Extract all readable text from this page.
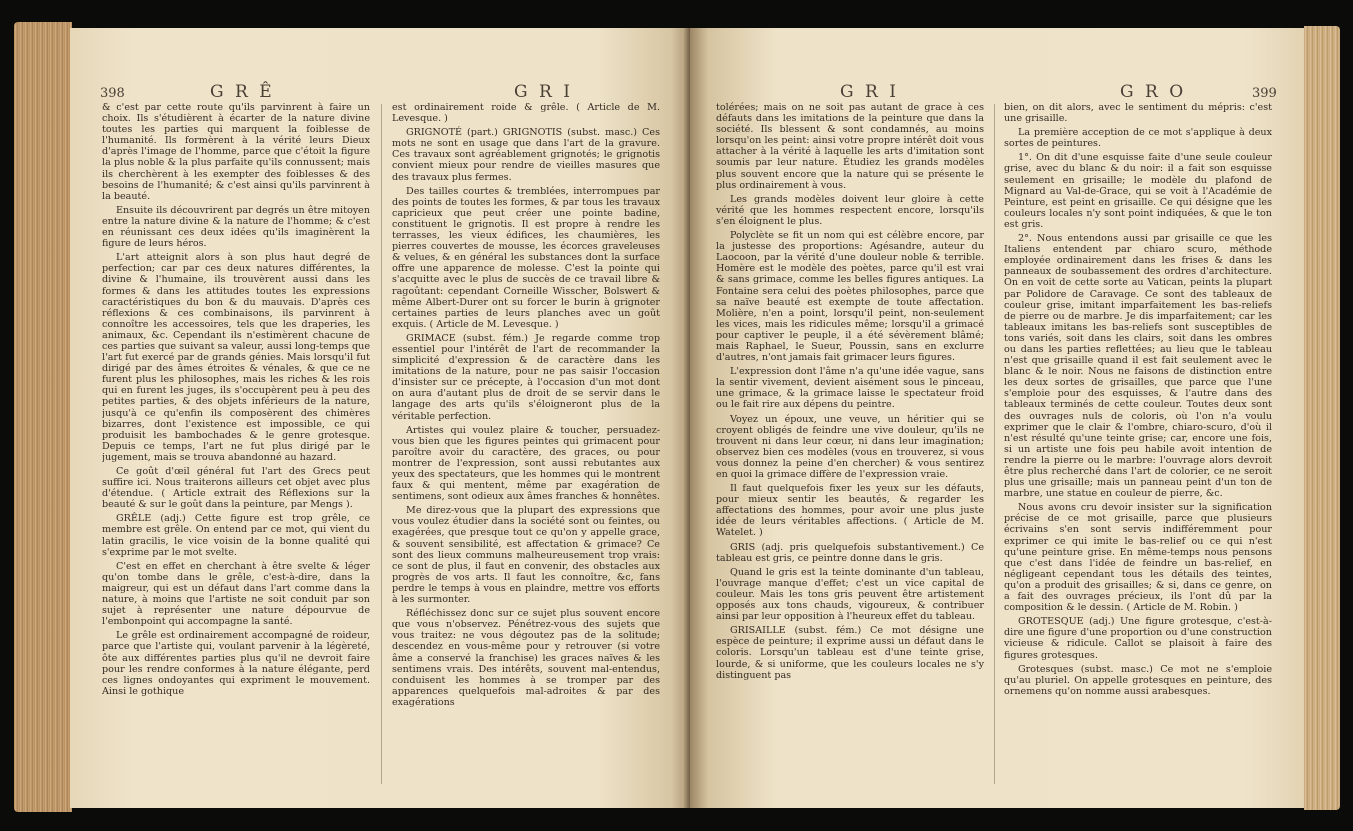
398	G R Ê	G R I

& c'est par cette route qu'ils parvinrent à faire un choix. Ils s'étudièrent à écarter de la nature divine toutes les parties qui marquent la foiblesse de l'humanité. Ils formèrent à la vérité leurs Dieux d'après l'image de l'homme, parce que c'étoit la figure la plus noble & la plus parfaite qu'ils connussent; mais ils cherchèrent à les exempter des foiblesses & des besoins de l'humanité; & c'est ainsi qu'ils parvinrent à la beauté.

Ensuite ils découvrirent par degrés un être mitoyen entre la nature divine & la nature de l'homme; & c'est en réunissant ces deux idées qu'ils imaginèrent la figure de leurs héros.

L'art atteignit alors à son plus haut degré de perfection; car par ces deux natures différentes, la divine & l'humaine, ils trouvèrent aussi dans les formes & dans les attitudes toutes les expressions caractéristiques du bon & du mauvais. D'après ces réflexions & ces combinaisons, ils parvinrent à connoître les accessoires, tels que les draperies, les animaux, &c. Cependant ils n'estimèrent chacune de ces parties que suivant sa valeur, aussi long-temps que l'art fut exercé par de grands génies. Mais lorsqu'il fut dirigé par des âmes étroites & vénales, & que ce ne furent plus les philosophes, mais les riches & les rois qui en furent les juges, ils s'occupèrent peu à peu des petites parties, & des objets inférieurs de la nature, jusqu'à ce qu'enfin ils composèrent des chimères bizarres, dont l'existence est impossible, ce qui produisit les bambochades & le genre grotesque. Depuis ce temps, l'art ne fut plus dirigé par le jugement, mais se trouva abandonné au hazard.

Ce goût d'œil général fut l'art des Grecs peut suffire ici. Nous traiterons ailleurs cet objet avec plus d'étendue. ( Article extrait des Réflexions sur la beauté & sur le goût dans la peinture, par Mengs ).

GRÊLE (adj.) Cette figure est trop grêle, ce membre est grêle. On entend par ce mot, qui vient du latin gracilis, le vice voisin de la bonne qualité qui s'exprime par le mot svelte.

C'est en effet en cherchant à être svelte & léger qu'on tombe dans le grêle, c'est-à-dire, dans la maigreur, qui est un défaut dans l'art comme dans la nature, à moins que l'artiste ne soit conduit par son sujet à représenter une nature dépourvue de l'embonpoint qui accompagne la santé.

Le grêle est ordinairement accompagné de roideur, parce que l'artiste qui, voulant parvenir à la légèreté, ôte aux différentes parties plus qu'il ne devroit faire pour les rendre conformes à la nature élégante, perd ces lignes ondoyantes qui expriment le mouvement. Ainsi le gothique

est ordinairement roide & grêle. ( Article de M. Levesque. )

GRIGNOTÉ (part.) GRIGNOTIS (subst. masc.) Ces mots ne sont en usage que dans l'art de la gravure. Ces travaux sont agréablement grignotés; le grignotis convient mieux pour rendre de vieilles masures que des travaux plus fermes.

Des tailles courtes & tremblées, interrompues par des points de toutes les formes, & par tous les travaux capricieux que peut créer une pointe badine, constituent le grignotis. Il est propre à rendre les terrasses, les vieux édifices, les chaumières, les pierres couvertes de mousse, les écorces graveleuses & velues, & en général les substances dont la surface offre une apparence de molesse. C'est la pointe qui s'acquitte avec le plus de succès de ce travail libre & ragoûtant: cependant Corneille Wisscher, Bolswert & même Albert-Durer ont su forcer le burin à grignoter certaines parties de leurs planches avec un goût exquis. ( Article de M. Levesque. )

GRIMACE (subst. fém.) Je regarde comme trop essentiel pour l'intérêt de l'art de recommander la simplicité d'expression & de caractère dans les imitations de la nature, pour ne pas saisir l'occasion d'insister sur ce précepte, à l'occasion d'un mot dont on aura d'autant plus de droit de se servir dans le langage des arts qu'ils s'éloigneront plus de la véritable perfection.

Artistes qui voulez plaire & toucher, persuadez-vous bien que les figures peintes qui grimacent pour paroître avoir du caractère, des graces, ou pour montrer de l'expression, sont aussi rebutantes aux yeux des spectateurs, que les hommes qui le montrent faux & qui mentent, même par exagération de sentimens, sont odieux aux âmes franches & honnêtes.

Me direz-vous que la plupart des expressions que vous voulez étudier dans la société sont ou feintes, ou exagérées, que presque tout ce qu'on y appelle grace, & souvent sensibilité, est affectation & grimace? Ce sont des lieux communs malheureusement trop vrais: ce sont de plus, il faut en convenir, des obstacles aux progrès de vos arts. Il faut les connoître, &c, fans perdre le temps à vous en plaindre, mettre vos efforts à les surmonter.

Réfléchissez donc sur ce sujet plus souvent encore que vous n'observez. Pénétrez-vous des sujets que vous traitez: ne vous dégoutez pas de la solitude; descendez en vous-même pour y retrouver (si votre âme a conservé la franchise) les graces naïves & les sentimens vrais. Des intérêts, souvent mal-entendus, conduisent les hommes à se tromper par des apparences quelquefois mal-adroites & par des exagérations

G R I	G R O	399

tolérées; mais on ne soit pas autant de grace à ces défauts dans les imitations de la peinture que dans la société. Ils blessent & sont condamnés, au moins lorsqu'on les peint: ainsi votre propre intérêt doit vous attacher à la vérité à laquelle les arts d'imitation sont soumis par leur nature. Étudiez les grands modèles plus souvent encore que la nature qui se présente le plus ordinairement à vous.

Les grands modèles doivent leur gloire à cette vérité que les hommes respectent encore, lorsqu'ils s'en éloignent le plus.

Polyclète se fit un nom qui est célèbre encore, par la justesse des proportions: Agésandre, auteur du Laocoon, par la vérité d'une douleur noble & terrible. Homère est le modèle des poètes, parce qu'il est vrai & sans grimace, comme les belles figures antiques. La Fontaine sera celui des poètes philosophes, parce que sa naïve beauté est exempte de toute affectation. Molière, n'en a point, lorsqu'il peint, non-seulement les vices, mais les ridicules même; lorsqu'il a grimacé pour captiver le peuple, il a été sévèrement blâmé; mais Raphael, le Sueur, Poussin, sans en exclurre d'autres, n'ont jamais fait grimacer leurs figures.

L'expression dont l'âme n'a qu'une idée vague, sans la sentir vivement, devient aisément sous le pinceau, une grimace, & la grimace laisse le spectateur froid ou le fait rire aux dépens du peintre.

Voyez un époux, une veuve, un héritier qui se croyent obligés de feindre une vive douleur, qu'ils ne trouvent ni dans leur cœur, ni dans leur imagination; observez bien ces modèles (vous en trouverez, si vous vous donnez la peine d'en chercher) & vous sentirez en quoi la grimace diffère de l'expression vraie.

Il faut quelquefois fixer les yeux sur les défauts, pour mieux sentir les beautés, & regarder les affectations des hommes, pour avoir une plus juste idée de leurs véritables affections. ( Article de M. Watelet. )

GRIS (adj. pris quelquefois substantivement.) Ce tableau est gris, ce peintre donne dans le gris.

Quand le gris est la teinte dominante d'un tableau, l'ouvrage manque d'effet; c'est un vice capital de couleur. Mais les tons gris peuvent être artistement opposés aux tons chauds, vigoureux, & contribuer ainsi par leur opposition à l'heureux effet du tableau.

GRISAILLE (subst. fém.) Ce mot désigne une espèce de peinture; il exprime aussi un défaut dans le coloris. Lorsqu'un tableau est d'une teinte grise, lourde, & si uniforme, que les couleurs locales ne s'y distinguent pas

bien, on dit alors, avec le sentiment du mépris: c'est une grisaille.

La première acception de ce mot s'applique à deux sortes de peintures.

1°. On dit d'une esquisse faite d'une seule couleur grise, avec du blanc & du noir: il a fait son esquisse seulement en grisaille; le modèle du plafond de Mignard au Val-de-Grace, qui se voit à l'Académie de Peinture, est peint en grisaille. Ce qui désigne que les couleurs locales n'y sont point indiquées, & que le ton est gris.

2°. Nous entendons aussi par grisaille ce que les Italiens entendent par chiaro scuro, méthode employée ordinairement dans les frises & dans les panneaux de soubassement des ordres d'architecture. On en voit de cette sorte au Vatican, peints la plupart par Polidore de Caravage. Ce sont des tableaux de couleur grise, imitant imparfaitement les bas-reliefs de pierre ou de marbre. Je dis imparfaitement; car les tableaux imitans les bas-reliefs sont susceptibles de tons variés, soit dans les clairs, soit dans les ombres ou dans les parties reflettées; au lieu que le tableau n'est que grisaille quand il est fait seulement avec le blanc & le noir. Nous ne faisons de distinction entre les deux sortes de grisailles, que parce que l'une s'emploie pour des esquisses, & l'autre dans des tableaux terminés de cette couleur. Toutes deux sont des ouvrages nuls de coloris, où l'on n'a voulu exprimer que le clair & l'ombre, chiaro-scuro, d'où il n'est résulté qu'une teinte grise; car, encore une fois, si un artiste une fois peu habile avoit intention de rendre la pierre ou le marbre: l'ouvrage alors devroit être plus recherché dans l'art de colorier, ce ne seroit plus une grisaille; mais un panneau peint d'un ton de marbre, une statue en couleur de pierre, &c.

Nous avons cru devoir insister sur la signification précise de ce mot grisaille, parce que plusieurs écrivains s'en sont servis indifféremment pour exprimer ce qui imite le bas-relief ou ce qui n'est qu'une peinture grise. En même-temps nous pensons que c'est dans l'idée de feindre un bas-relief, en négligeant cependant tous les détails des teintes, qu'on a produit des grisailles; & si, dans ce genre, on a fait des ouvrages précieux, ils l'ont dû par la composition & le dessin. ( Article de M. Robin. )

GROTESQUE (adj.) Une figure grotesque, c'est-à-dire une figure d'une proportion ou d'une construction vicieuse & ridicule. Callot se plaisoit à faire des figures grotesques.

Grotesques (subst. masc.) Ce mot ne s'emploie qu'au pluriel. On appelle grotesques en peinture, des ornemens qu'on nomme aussi arabesques.
